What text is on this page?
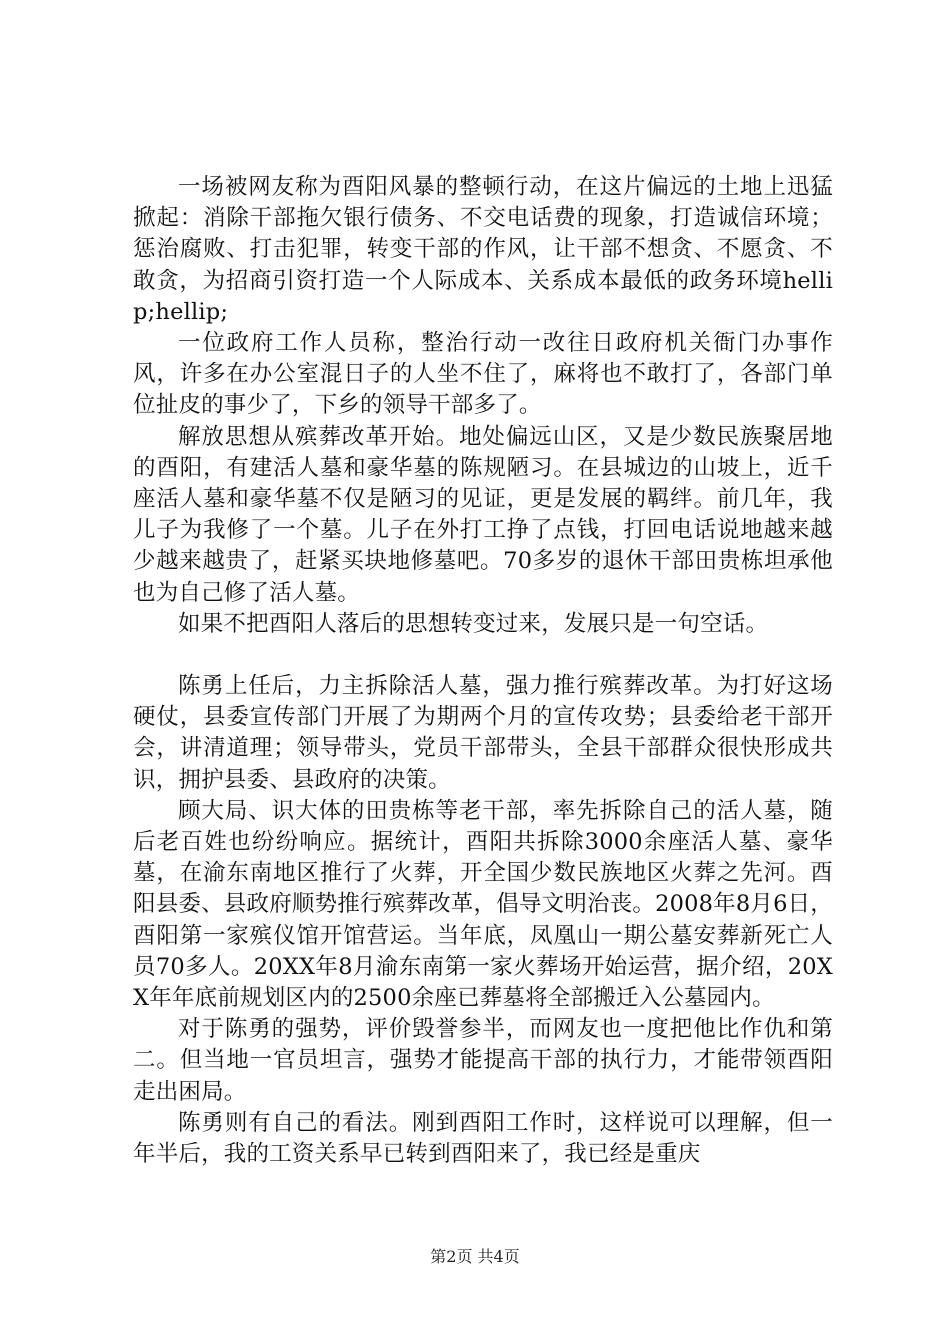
一场被网友称为酉阳风暴的整顿行动，在这片偏远的土地上迅猛掀起：消除干部拖欠银行债务、不交电话费的现象，打造诚信环境；惩治腐败、打击犯罪，转变干部的作风，让干部不想贪、不愿贪、不敢贪，为招商引资打造一个人际成本、关系成本最低的政务环境hellip;hellip;

一位政府工作人员称，整治行动一改往日政府机关衙门办事作风，许多在办公室混日子的人坐不住了，麻将也不敢打了，各部门单位扯皮的事少了，下乡的领导干部多了。

解放思想从殡葬改革开始。地处偏远山区，又是少数民族聚居地的酉阳，有建活人墓和豪华墓的陈规陋习。在县城边的山坡上，近千座活人墓和豪华墓不仅是陋习的见证，更是发展的羁绊。前几年，我儿子为我修了一个墓。儿子在外打工挣了点钱，打回电话说地越来越少越来越贵了，赶紧买块地修墓吧。70多岁的退休干部田贵栋坦承他也为自己修了活人墓。

如果不把酉阳人落后的思想转变过来，发展只是一句空话。

陈勇上任后，力主拆除活人墓，强力推行殡葬改革。为打好这场硬仗，县委宣传部门开展了为期两个月的宣传攻势；县委给老干部开会，讲清道理；领导带头，党员干部带头，全县干部群众很快形成共识，拥护县委、县政府的决策。

顾大局、识大体的田贵栋等老干部，率先拆除自己的活人墓，随后老百姓也纷纷响应。据统计，酉阳共拆除3000余座活人墓、豪华墓，在渝东南地区推行了火葬，开全国少数民族地区火葬之先河。酉阳县委、县政府顺势推行殡葬改革，倡导文明治丧。2008年8月6日，酉阳第一家殡仪馆开馆营运。当年底，凤凰山一期公墓安葬新死亡人员70多人。20XX年8月渝东南第一家火葬场开始运营，据介绍，20XX年年底前规划区内的2500余座已葬墓将全部搬迁入公墓园内。

对于陈勇的强势，评价毁誉参半，而网友也一度把他比作仇和第二。但当地一官员坦言，强势才能提高干部的执行力，才能带领酉阳走出困局。

陈勇则有自己的看法。刚到酉阳工作时，这样说可以理解，但一年半后，我的工资关系早已转到酉阳来了，我已经是重庆

第2页 共4页
